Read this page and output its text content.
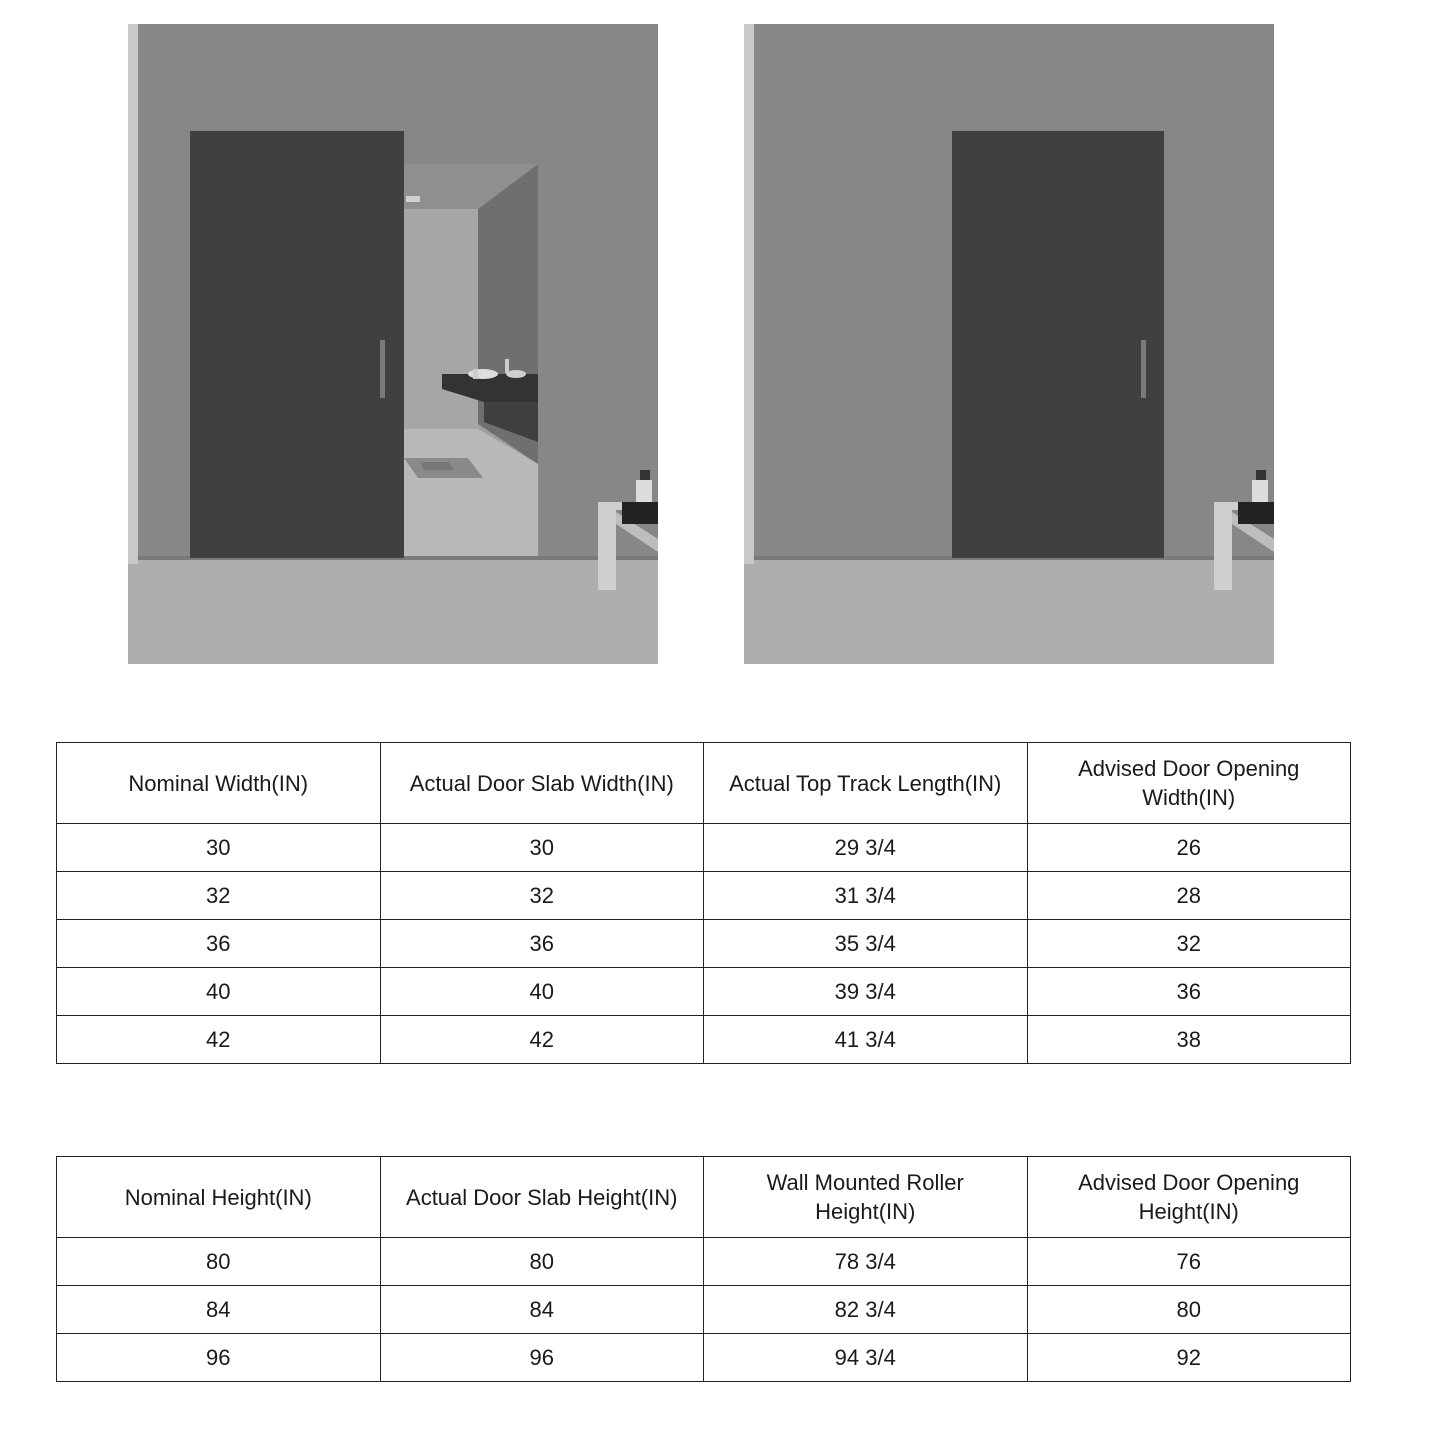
Nominal Width(IN)	Actual Door Slab Width(IN)	Actual Top Track Length(IN)	Advised Door Opening Width(IN)
30	30	29 3/4	26
32	32	31 3/4	28
36	36	35 3/4	32
40	40	39 3/4	36
42	42	41 3/4	38
Nominal Height(IN)	Actual Door Slab Height(IN)	Wall Mounted Roller Height(IN)	Advised Door Opening Height(IN)
80	80	78 3/4	76
84	84	82 3/4	80
96	96	94 3/4	92
